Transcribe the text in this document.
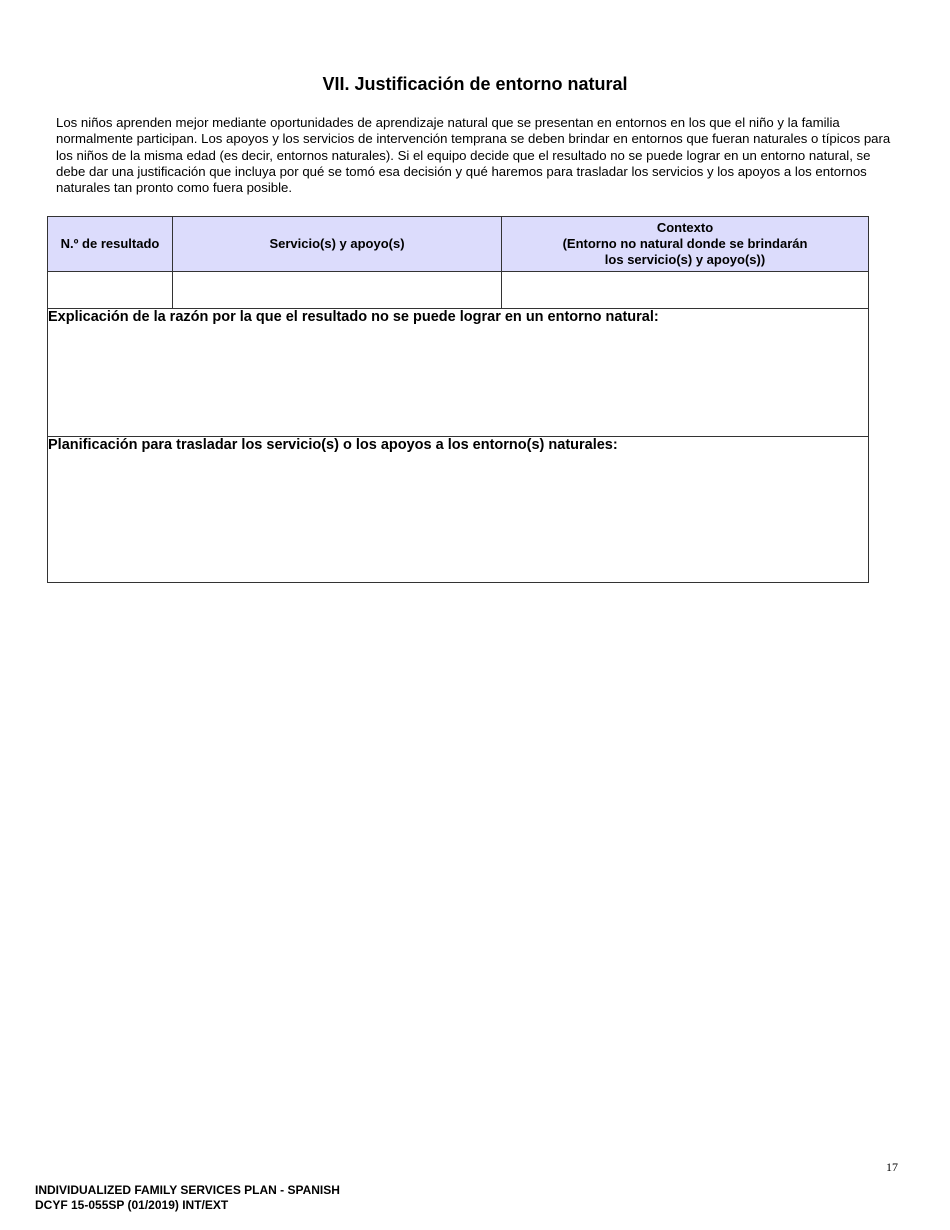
VII. Justificación de entorno natural

Los niños aprenden mejor mediante oportunidades de aprendizaje natural que se presentan en entornos en los que el niño y la familia normalmente participan. Los apoyos y los servicios de intervención temprana se deben brindar en entornos que fueran naturales o típicos para los niños de la misma edad (es decir, entornos naturales). Si el equipo decide que el resultado no se puede lograr en un entorno natural, se debe dar una justificación que incluya por qué se tomó esa decisión y qué haremos para trasladar los servicios y los apoyos a los entornos naturales tan pronto como fuera posible.

N.º de resultado	Servicio(s) y apoyo(s)	Contexto
(Entorno no natural donde se brindarán
los servicio(s) y apoyo(s))

Explicación de la razón por la que el resultado no se puede lograr en un entorno natural:		
Planificación para trasladar los servicio(s) o los apoyos a los entorno(s) naturales:		
17
INDIVIDUALIZED FAMILY SERVICES PLAN - SPANISH
DCYF 15-055SP (01/2019) INT/EXT
